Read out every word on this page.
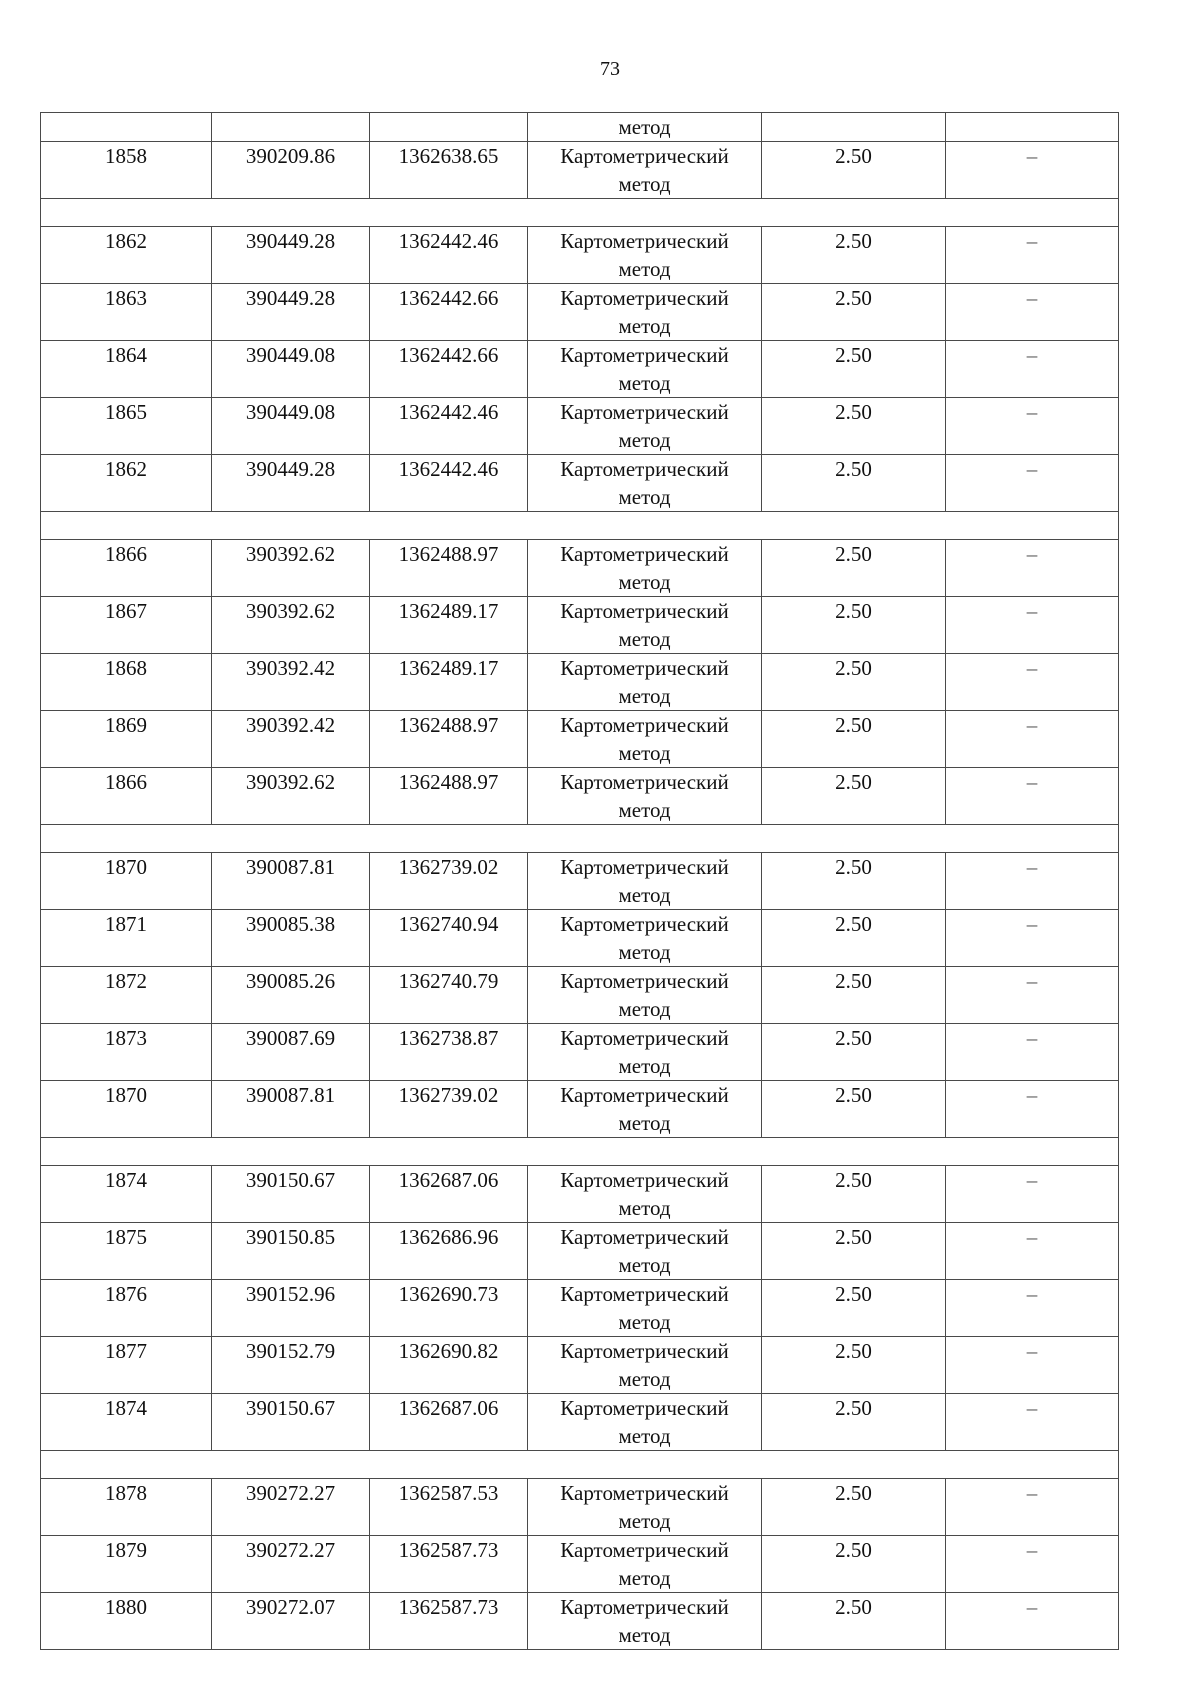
73
			метод		
1858	390209.86	1362638.65	Картометрический
метод	2.50	–

1862	390449.28	1362442.46	Картометрический
метод	2.50	–
1863	390449.28	1362442.66	Картометрический
метод	2.50	–
1864	390449.08	1362442.66	Картометрический
метод	2.50	–
1865	390449.08	1362442.46	Картометрический
метод	2.50	–
1862	390449.28	1362442.46	Картометрический
метод	2.50	–

1866	390392.62	1362488.97	Картометрический
метод	2.50	–
1867	390392.62	1362489.17	Картометрический
метод	2.50	–
1868	390392.42	1362489.17	Картометрический
метод	2.50	–
1869	390392.42	1362488.97	Картометрический
метод	2.50	–
1866	390392.62	1362488.97	Картометрический
метод	2.50	–

1870	390087.81	1362739.02	Картометрический
метод	2.50	–
1871	390085.38	1362740.94	Картометрический
метод	2.50	–
1872	390085.26	1362740.79	Картометрический
метод	2.50	–
1873	390087.69	1362738.87	Картометрический
метод	2.50	–
1870	390087.81	1362739.02	Картометрический
метод	2.50	–

1874	390150.67	1362687.06	Картометрический
метод	2.50	–
1875	390150.85	1362686.96	Картометрический
метод	2.50	–
1876	390152.96	1362690.73	Картометрический
метод	2.50	–
1877	390152.79	1362690.82	Картометрический
метод	2.50	–
1874	390150.67	1362687.06	Картометрический
метод	2.50	–

1878	390272.27	1362587.53	Картометрический
метод	2.50	–
1879	390272.27	1362587.73	Картометрический
метод	2.50	–
1880	390272.07	1362587.73	Картометрический
метод	2.50	–
